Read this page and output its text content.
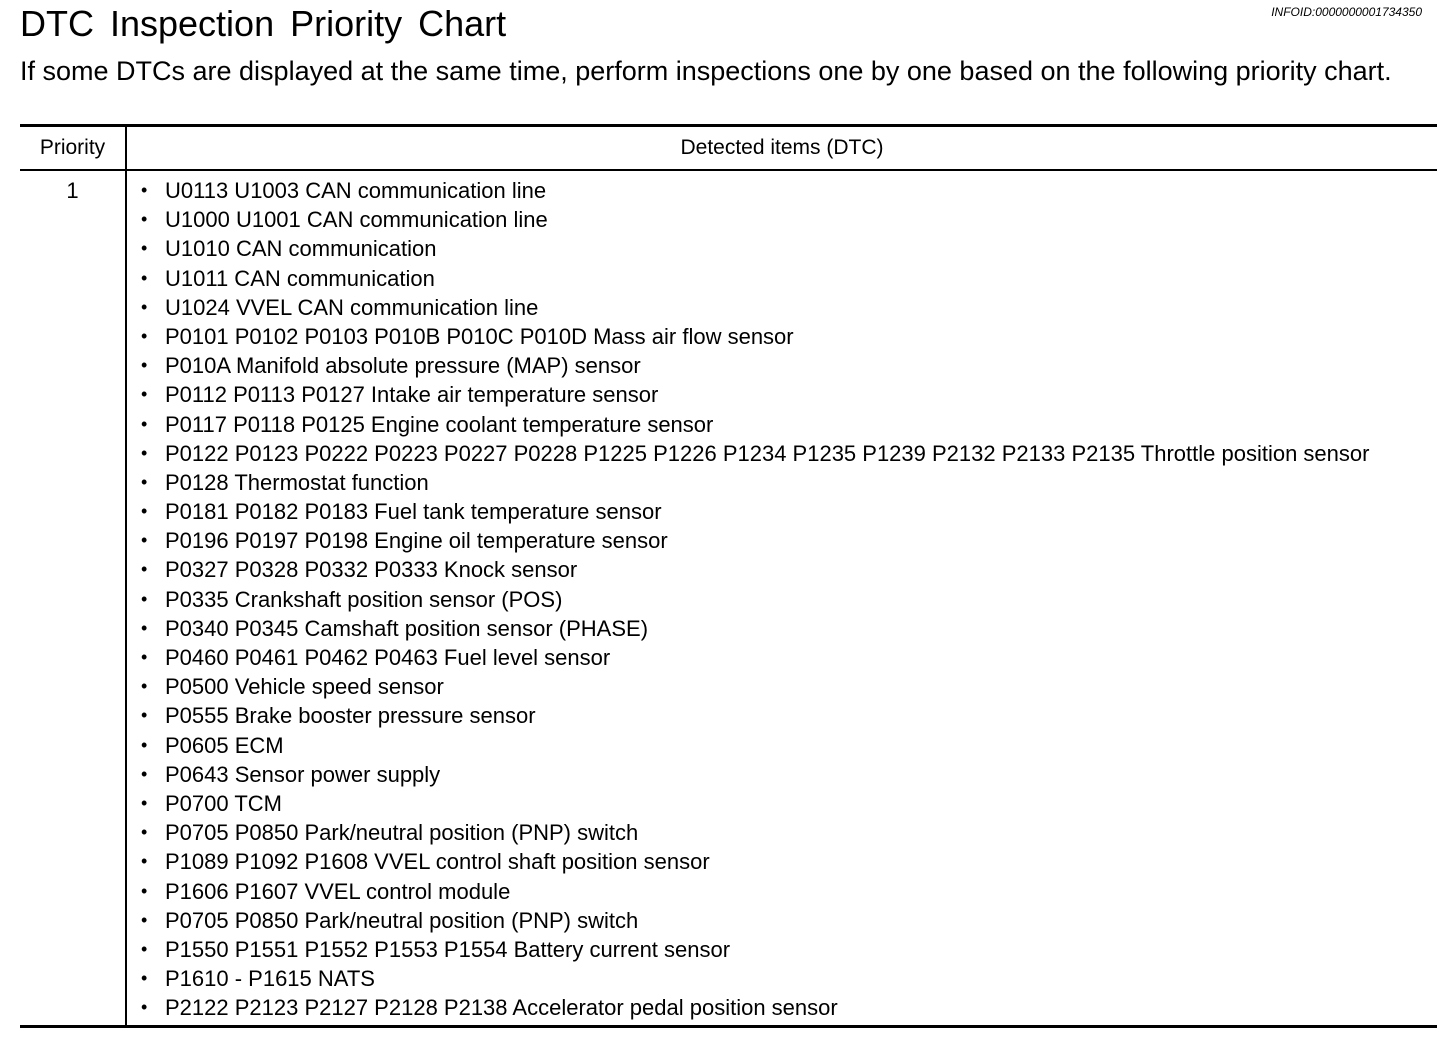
DTC Inspection Priority Chart	INFOID:0000000001734350
If some DTCs are displayed at the same time, perform inspections one by one based on the following priority chart.
Priority	Detected items (DTC)
1	• U0113 U1003 CAN communication line
• U1000 U1001 CAN communication line
• U1010 CAN communication
• U1011 CAN communication
• U1024 VVEL CAN communication line
• P0101 P0102 P0103 P010B P010C P010D Mass air flow sensor
• P010A Manifold absolute pressure (MAP) sensor
• P0112 P0113 P0127 Intake air temperature sensor
• P0117 P0118 P0125 Engine coolant temperature sensor
• P0122 P0123 P0222 P0223 P0227 P0228 P1225 P1226 P1234 P1235 P1239 P2132 P2133 P2135 Throttle position sensor
• P0128 Thermostat function
• P0181 P0182 P0183 Fuel tank temperature sensor
• P0196 P0197 P0198 Engine oil temperature sensor
• P0327 P0328 P0332 P0333 Knock sensor
• P0335 Crankshaft position sensor (POS)
• P0340 P0345 Camshaft position sensor (PHASE)
• P0460 P0461 P0462 P0463 Fuel level sensor
• P0500 Vehicle speed sensor
• P0555 Brake booster pressure sensor
• P0605 ECM
• P0643 Sensor power supply
• P0700 TCM
• P0705 P0850 Park/neutral position (PNP) switch
• P1089 P1092 P1608 VVEL control shaft position sensor
• P1606 P1607 VVEL control module
• P0705 P0850 Park/neutral position (PNP) switch
• P1550 P1551 P1552 P1553 P1554 Battery current sensor
• P1610 - P1615 NATS
• P2122 P2123 P2127 P2128 P2138 Accelerator pedal position sensor
